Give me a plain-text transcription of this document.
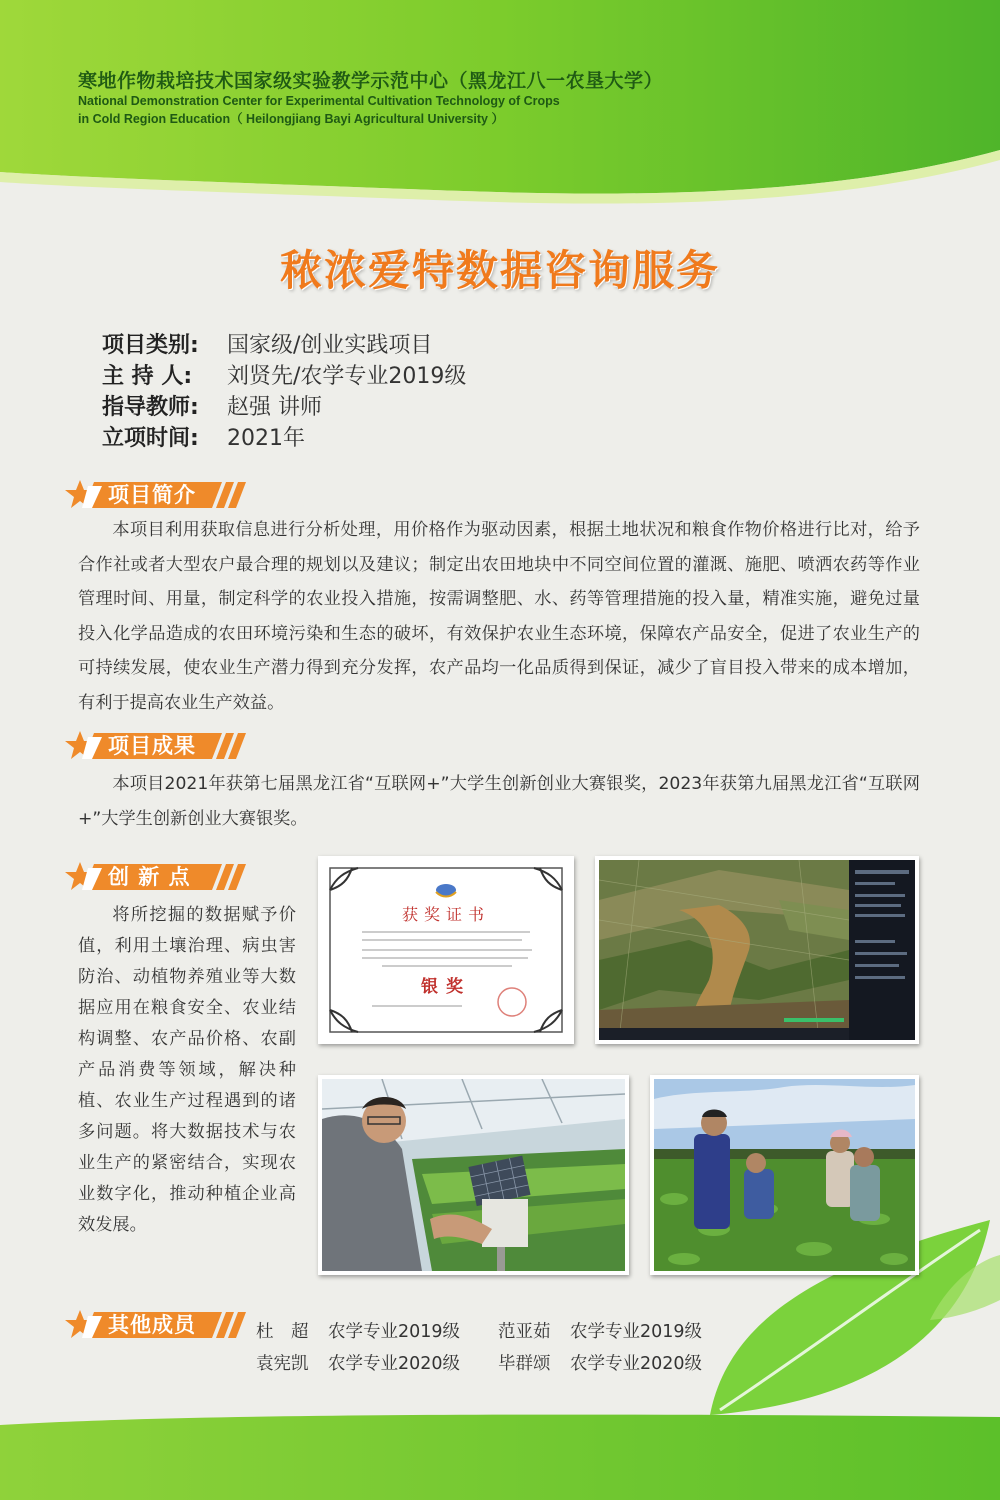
寒地作物栽培技术国家级实验教学示范中心（黑龙江八一农垦大学）
National Demonstration Center for Experimental Cultivation Technology of Crops
in Cold Region Education（ Heilongjiang Bayi Agricultural University ）
秾浓爱特数据咨询服务
项目类别: 国家级/创业实践项目
主 持 人: 刘贤先/农学专业2019级
指导教师: 赵强 讲师
立项时间: 2021年
项目简介

本项目利用获取信息进行分析处理，用价格作为驱动因素，根据土地状况和粮食作物价格进行比对，给予合作社或者大型农户最合理的规划以及建议；制定出农田地块中不同空间位置的灌溉、施肥、喷洒农药等作业管理时间、用量，制定科学的农业投入措施，按需调整肥、水、药等管理措施的投入量，精准实施，避免过量投入化学品造成的农田环境污染和生态的破坏，有效保护农业生态环境，保障农产品安全，促进了农业生产的可持续发展，使农业生产潜力得到充分发挥，农产品均一化品质得到保证，减少了盲目投入带来的成本增加，有利于提高农业生产效益。

项目成果

本项目2021年获第七届黑龙江省“互联网+”大学生创新创业大赛银奖，2023年获第九届黑龙江省“互联网+”大学生创新创业大赛银奖。

创 新 点

将所挖掘的数据赋予价值，利用土壤治理、病虫害防治、动植物养殖业等大数据应用在粮食安全、农业结构调整、农产品价格、农副产品消费等领域，解决种植、农业生产过程遇到的诸多问题。将大数据技术与农业生产的紧密结合，实现农业数字化，推动种植企业高效发展。

获奖证书
银奖
其他成员	杜　超 农学专业2019级 范亚茹 农学专业2019级
袁宪凯 农学专业2020级 毕群颂 农学专业2020级
